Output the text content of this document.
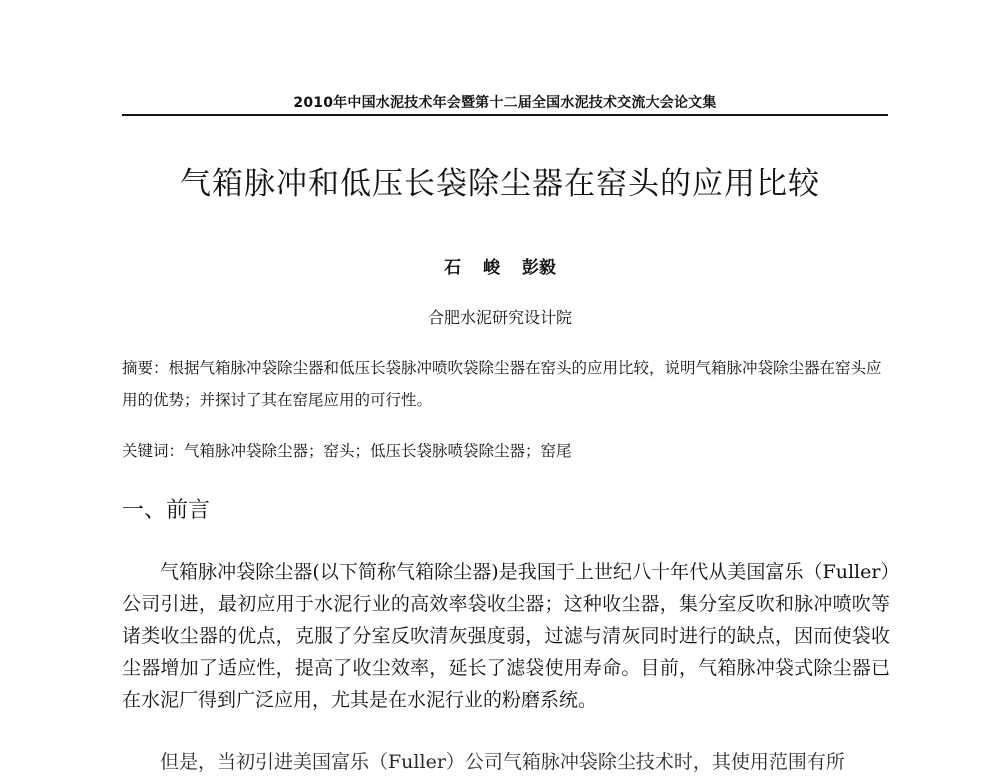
2010年中国水泥技术年会暨第十二届全国水泥技术交流大会论文集
气箱脉冲和低压长袋除尘器在窑头的应用比较
石 峻 彭毅
合肥水泥研究设计院
摘要：根据气箱脉冲袋除尘器和低压长袋脉冲喷吹袋除尘器在窑头的应用比较，说明气箱脉冲袋除尘器在窑头应用的优势；并探讨了其在窑尾应用的可行性。
关键词：气箱脉冲袋除尘器；窑头；低压长袋脉喷袋除尘器；窑尾
一、前言
气箱脉冲袋除尘器(以下简称气箱除尘器)是我国于上世纪八十年代从美国富乐（Fuller）公司引进，最初应用于水泥行业的高效率袋收尘器；这种收尘器，集分室反吹和脉冲喷吹等诸类收尘器的优点，克服了分室反吹清灰强度弱，过滤与清灰同时进行的缺点，因而使袋收尘器增加了适应性，提高了收尘效率，延长了滤袋使用寿命。目前，气箱脉冲袋式除尘器已在水泥厂得到广泛应用，尤其是在水泥行业的粉磨系统。
但是，当初引进美国富乐（Fuller）公司气箱脉冲袋除尘技术时，其使用范围有所
